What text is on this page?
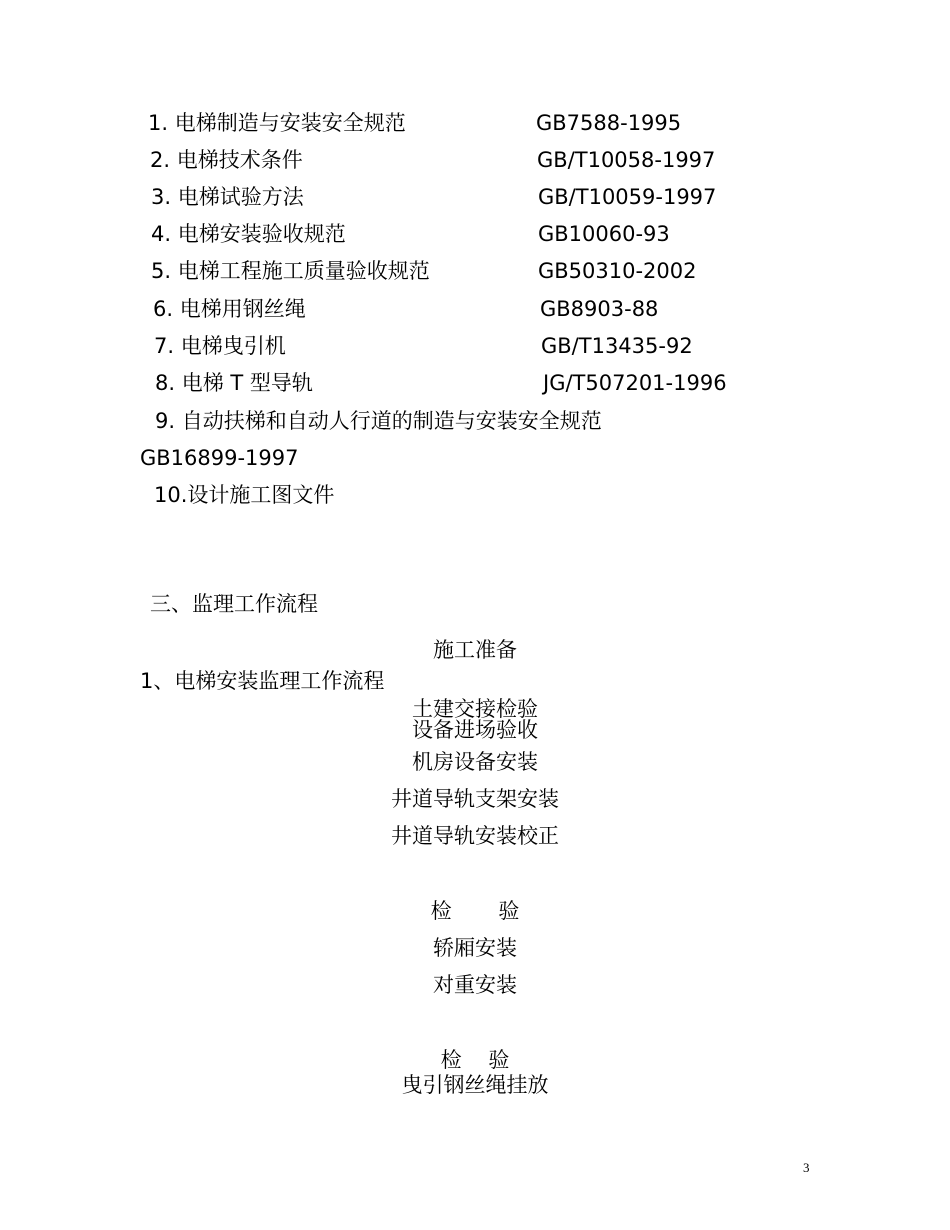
1. 电梯制造与安装安全规范	GB7588-1995
2. 电梯技术条件	GB/T10058-1997
3. 电梯试验方法	GB/T10059-1997
4. 电梯安装验收规范	GB10060-93
5. 电梯工程施工质量验收规范	GB50310-2002
6. 电梯用钢丝绳	GB8903-88
7. 电梯曳引机	GB/T13435-92
8. 电梯 T 型导轨	JG/T507201-1996
9. 自动扶梯和自动人行道的制造与安装安全规范
GB16899-1997
10.设计施工图文件
三、监理工作流程
1、电梯安装监理工作流程
施工准备
土建交接检验
设备进场验收
机房设备安装
井道导轨支架安装
井道导轨安装校正
检       验
轿厢安装
对重安装
检    验
曳引钢丝绳挂放
3
